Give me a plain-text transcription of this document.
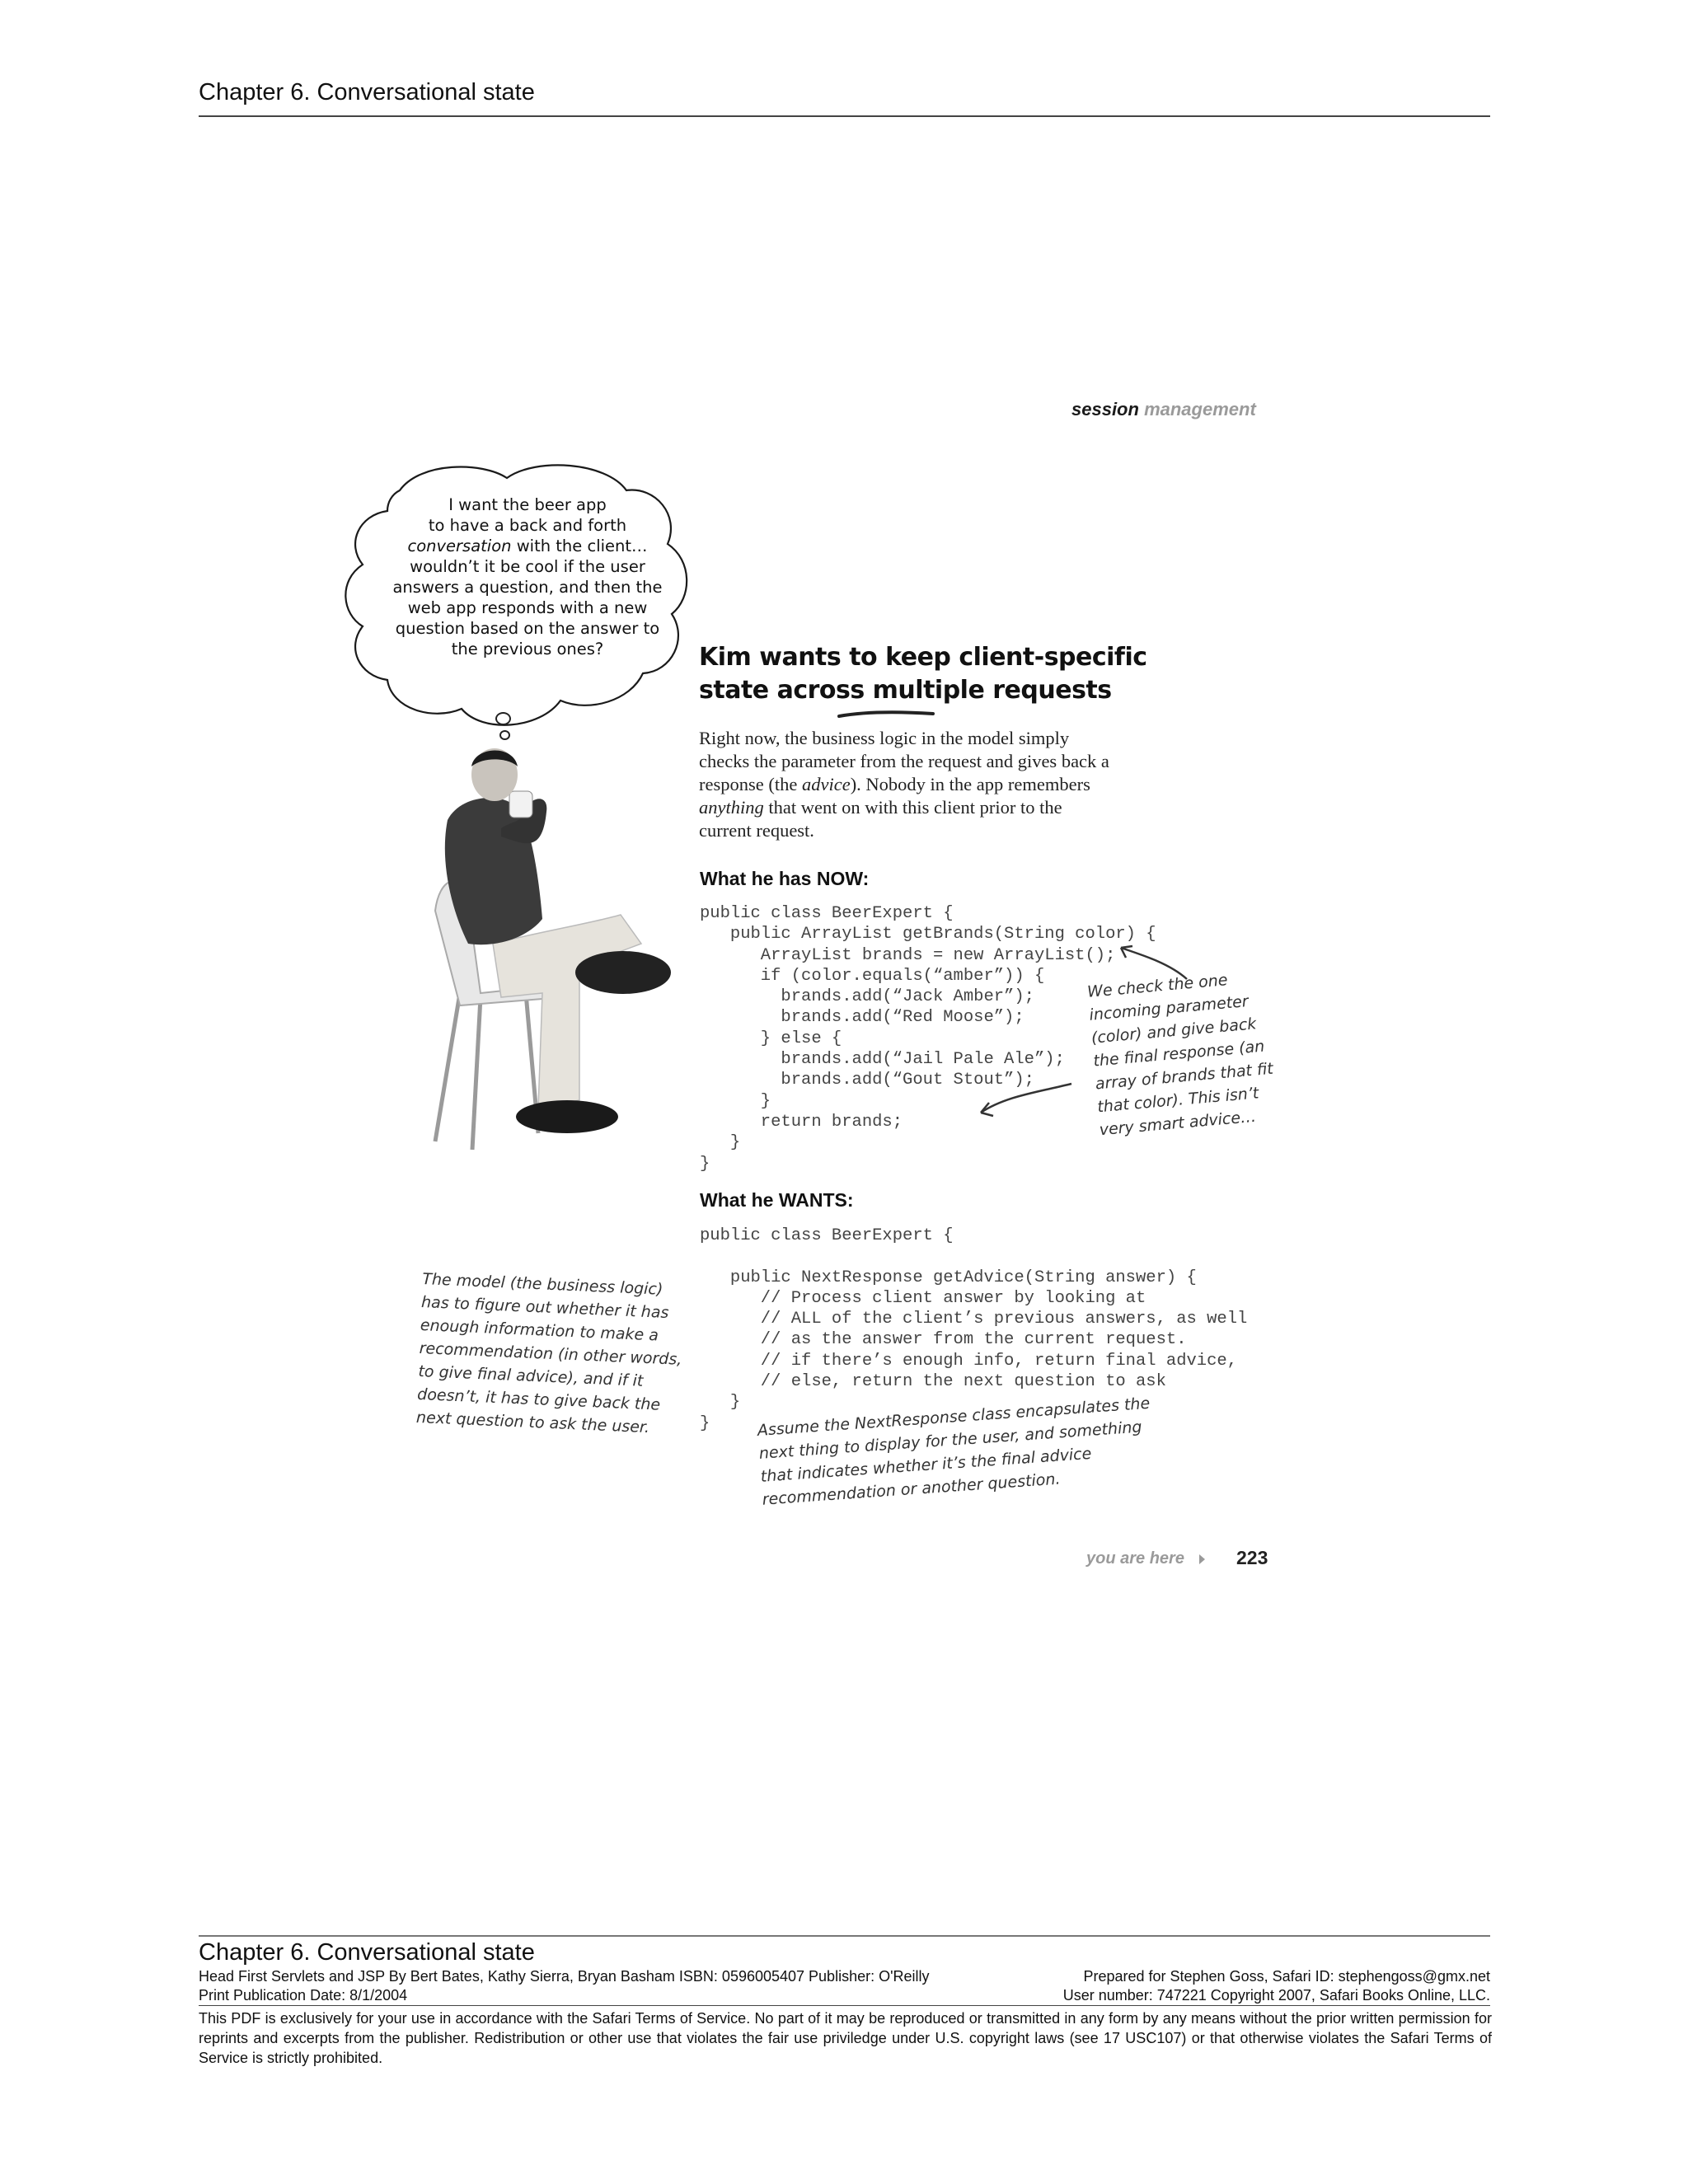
Chapter 6. Conversational state
session management
I want the beer app
to have a back and forth
conversation with the client…
wouldn’t it be cool if the user
answers a question, and then the
web app responds with a new
question based on the answer to
the previous ones?	Kim wants to keep client-specific
state across multiple requests
Right now, the business logic in the model simply checks the parameter from the request and gives back a response (the advice). Nobody in the app remembers anything that went on with this client prior to the current request.
What he has NOW:
public class BeerExpert {
public ArrayList getBrands(String color) {
ArrayList brands = new ArrayList();
if (color.equals(“amber”)) {
brands.add(“Jack Amber”);
brands.add(“Red Moose”);
} else {
brands.add(“Jail Pale Ale”);
brands.add(“Gout Stout”);
}
return brands;
}
}
We check the one incoming parameter (color) and give back the final response (an array of brands that fit that color). This isn’t very smart advice…
What he WANTS:
public class BeerExpert {

public NextResponse getAdvice(String answer) {
// Process client answer by looking at
// ALL of the client’s previous answers, as well
// as the answer from the current request.
// if there’s enough info, return final advice,
// else, return the next question to ask
}
}
The model (the business logic) has to figure out whether it has enough information to make a recommendation (in other words, to give final advice), and if it doesn’t, it has to give back the next question to ask the user.	Assume the NextResponse class encapsulates the next thing to display for the user, and something that indicates whether it’s the final advice recommendation or another question.
you are here	223
Chapter 6. Conversational state
Head First Servlets and JSP By Bert Bates, Kathy Sierra, Bryan Basham ISBN: 0596005407 Publisher: O'Reilly	Prepared for Stephen Goss, Safari ID: stephengoss@gmx.net
Print Publication Date: 8/1/2004	User number: 747221 Copyright 2007, Safari Books Online, LLC.
This PDF is exclusively for your use in accordance with the Safari Terms of Service. No part of it may be reproduced or transmitted in any form by any means without the prior written permission for reprints and excerpts from the publisher. Redistribution or other use that violates the fair use priviledge under U.S. copyright laws (see 17 USC107) or that otherwise violates the Safari Terms of Service is strictly prohibited.
